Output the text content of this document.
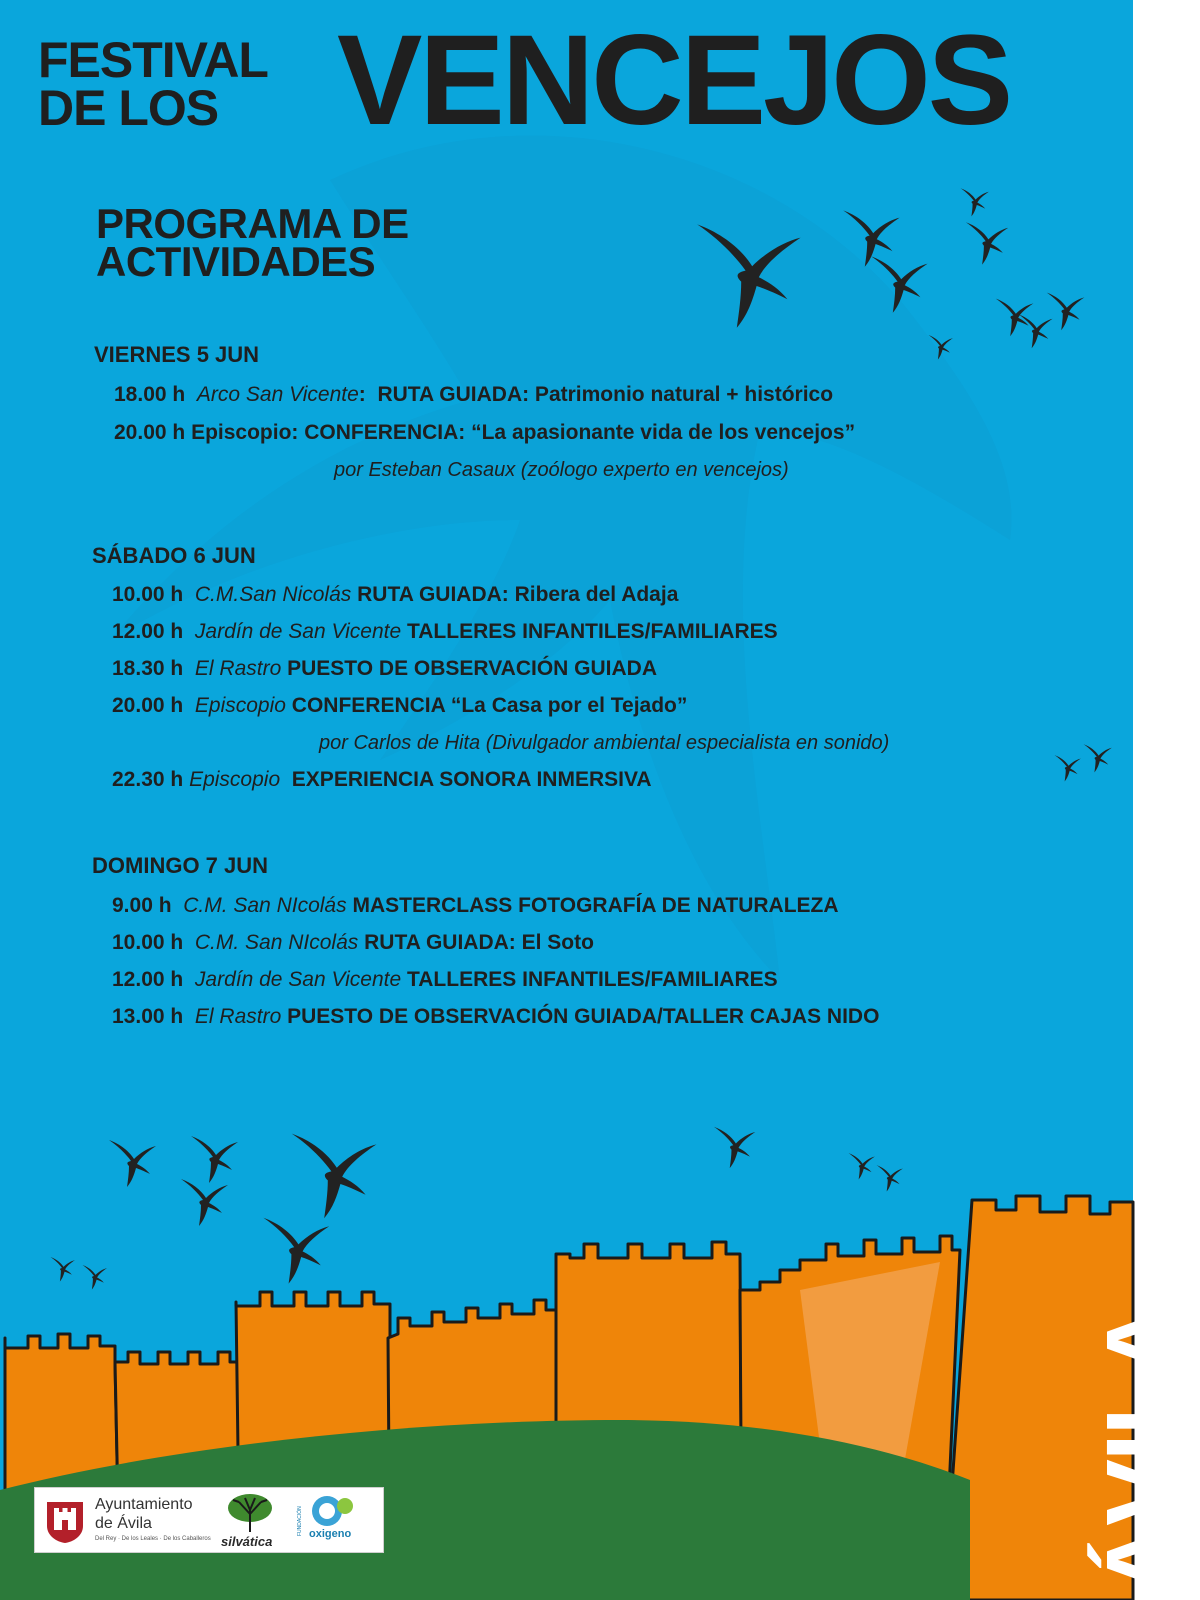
FESTIVAL
DE LOS VENCEJOS
PROGRAMA DE
ACTIVIDADES
VIERNES 5 JUN
18.00 h Arco San Vicente: RUTA GUIADA: Patrimonio natural + histórico
20.00 h Episcopio: CONFERENCIA: “La apasionante vida de los vencejos”
por Esteban Casaux (zoólogo experto en vencejos)
SÁBADO 6 JUN
10.00 h C.M.San Nicolás RUTA GUIADA: Ribera del Adaja
12.00 h Jardín de San Vicente TALLERES INFANTILES/FAMILIARES
18.30 h El Rastro PUESTO DE OBSERVACIÓN GUIADA
20.00 h Episcopio CONFERENCIA “La Casa por el Tejado”
por Carlos de Hita (Divulgador ambiental especialista en sonido)
22.30 h Episcopio EXPERIENCIA SONORA INMERSIVA
DOMINGO 7 JUN
9.00 h C.M. San NIcolás MASTERCLASS FOTOGRAFÍA DE NATURALEZA
10.00 h C.M. San NIcolás RUTA GUIADA: El Soto
12.00 h Jardín de San Vicente TALLERES INFANTILES/FAMILIARES
13.00 h El Rastro PUESTO DE OBSERVACIÓN GUIADA/TALLER CAJAS NIDO
ÁVILA5·6·7·junio·26
Ayuntamiento
de Ávila
Del Rey · De los Leales · De los Caballeros silvática	oxigeno
FUNDACIÓN
